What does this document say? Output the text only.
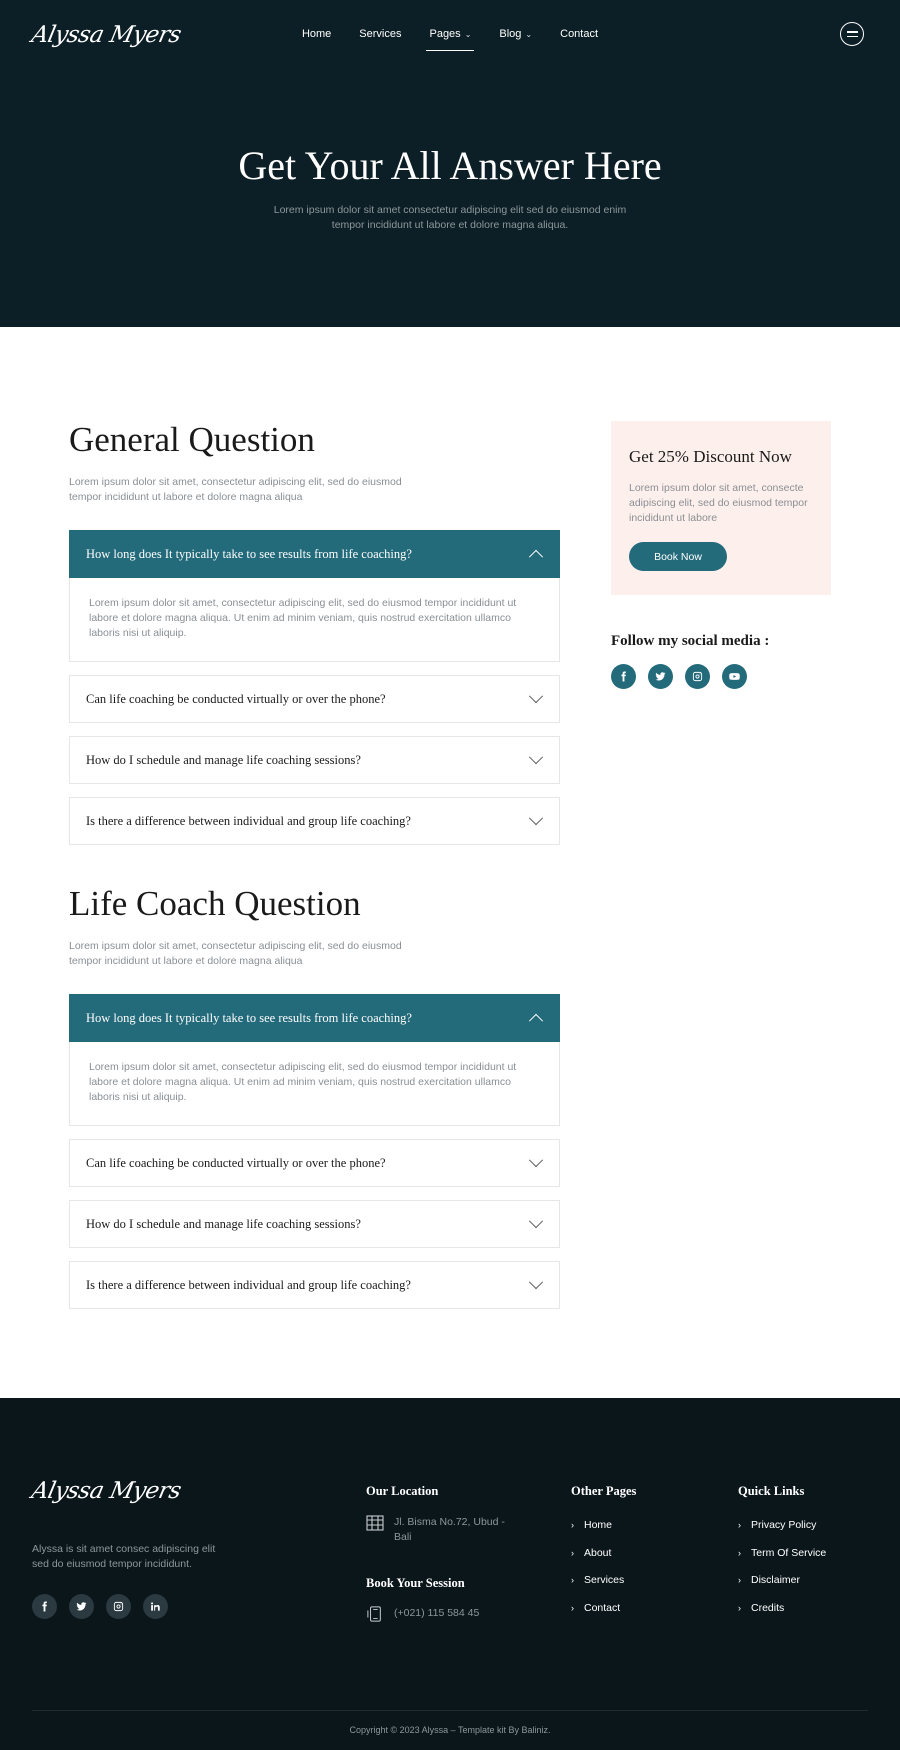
Alyssa Myers	Home	Services	Pages ⌄	Blog ⌄	Contact
Get Your All Answer Here

Lorem ipsum dolor sit amet consectetur adipiscing elit sed do eiusmod enim tempor incididunt ut labore et dolore magna aliqua.

General Question

Lorem ipsum dolor sit amet, consectetur adipiscing elit, sed do eiusmod tempor incididunt ut labore et dolore magna aliqua

How long does It typically take to see results from life coaching?
Lorem ipsum dolor sit amet, consectetur adipiscing elit, sed do eiusmod tempor incididunt ut labore et dolore magna aliqua. Ut enim ad minim veniam, quis nostrud exercitation ullamco laboris nisi ut aliquip.
Can life coaching be conducted virtually or over the phone?
How do I schedule and manage life coaching sessions?
Is there a difference between individual and group life coaching?
Life Coach Question

Lorem ipsum dolor sit amet, consectetur adipiscing elit, sed do eiusmod tempor incididunt ut labore et dolore magna aliqua

How long does It typically take to see results from life coaching?
Lorem ipsum dolor sit amet, consectetur adipiscing elit, sed do eiusmod tempor incididunt ut labore et dolore magna aliqua. Ut enim ad minim veniam, quis nostrud exercitation ullamco laboris nisi ut aliquip.
Can life coaching be conducted virtually or over the phone?
How do I schedule and manage life coaching sessions?
Is there a difference between individual and group life coaching?
Get 25% Discount Now

Lorem ipsum dolor sit amet, consecte adipiscing elit, sed do eiusmod tempor incididunt ut labore

Book Now
Follow my social media :
Alyssa Myers

Alyssa is sit amet consec adipiscing elit sed do eiusmod tempor incididunt.

Our Location
Jl. Bisma No.72, Ubud - Bali
Book Your Session
(+021) 115 584 45
Other Pages
› Home
› About
› Services
› Contact
Quick Links
› Privacy Policy
› Term Of Service
› Disclaimer
› Credits

Copyright © 2023 Alyssa – Template kit By Baliniz.
